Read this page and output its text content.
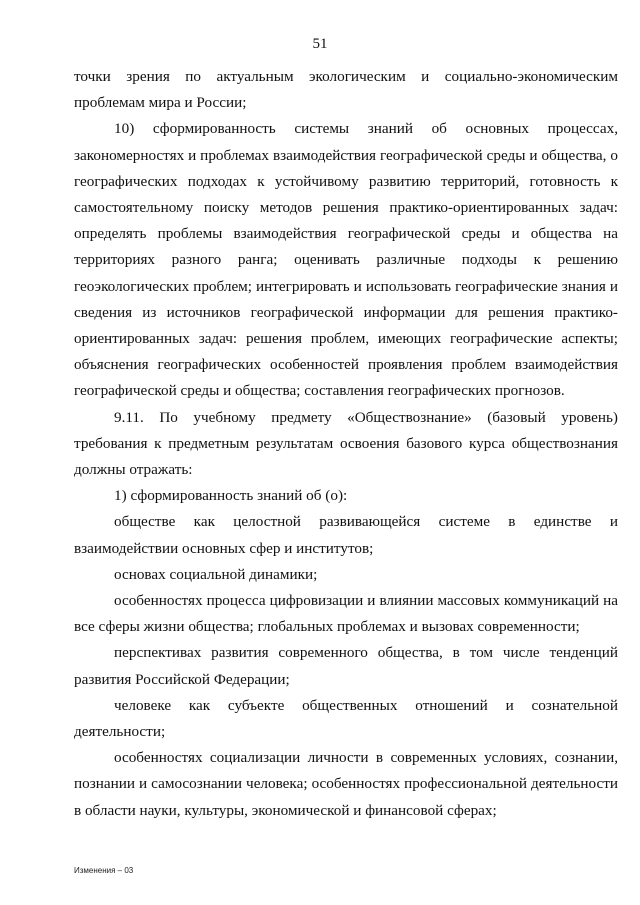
51

точки зрения по актуальным экологическим и социально-экономическим проблемам мира и России;

10) сформированность системы знаний об основных процессах, закономерностях и проблемах взаимодействия географической среды и общества, о географических подходах к устойчивому развитию территорий, готовность к самостоятельному поиску методов решения практико-ориентированных задач: определять проблемы взаимодействия географической среды и общества на территориях разного ранга; оценивать различные подходы к решению геоэкологических проблем; интегрировать и использовать географические знания и сведения из источников географической информации для решения практико-ориентированных задач: решения проблем, имеющих географические аспекты; объяснения географических особенностей проявления проблем взаимодействия географической среды и общества; составления географических прогнозов.

9.11. По учебному предмету «Обществознание» (базовый уровень) требования к предметным результатам освоения базового курса обществознания должны отражать:

1) сформированность знаний об (о):

обществе как целостной развивающейся системе в единстве и взаимодействии основных сфер и институтов;

основах социальной динамики;

особенностях процесса цифровизации и влиянии массовых коммуникаций на все сферы жизни общества; глобальных проблемах и вызовах современности;

перспективах развития современного общества, в том числе тенденций развития Российской Федерации;

человеке как субъекте общественных отношений и сознательной деятельности;

особенностях социализации личности в современных условиях, сознании, познании и самосознании человека; особенностях профессиональной деятельности в области науки, культуры, экономической и финансовой сферах;

Изменения – 03
